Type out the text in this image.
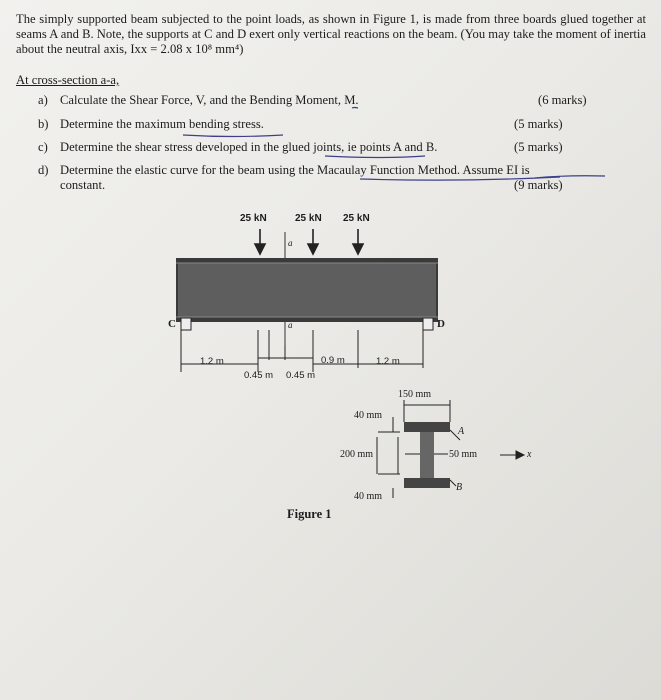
The simply supported beam subjected to the point loads, as shown in Figure 1, is made from three boards glued together at seams A and B. Note, the supports at C and D exert only vertical reactions on the beam. (You may take the moment of inertia about the neutral axis, Ixx = 2.08 x 10⁸ mm⁴)
At cross-section a-a,
a) Calculate the Shear Force, V, and the Bending Moment, M.	(6 marks)
b) Determine the maximum bending stress.	(5 marks)
c) Determine the shear stress developed in the glued joints, ie points A and B.	(5 marks)
d) Determine the elastic curve for the beam using the Macaulay Function Method. Assume EI is
constant.	(9 marks)
25 kN	25 kN 25 kN
a
a
C	D
1.2 m	0.9 m	1.2 m
0.45 m 0.45 m
150 mm
40 mm
200 mm	50 mm
40 mm
A
B
x
Figure 1
